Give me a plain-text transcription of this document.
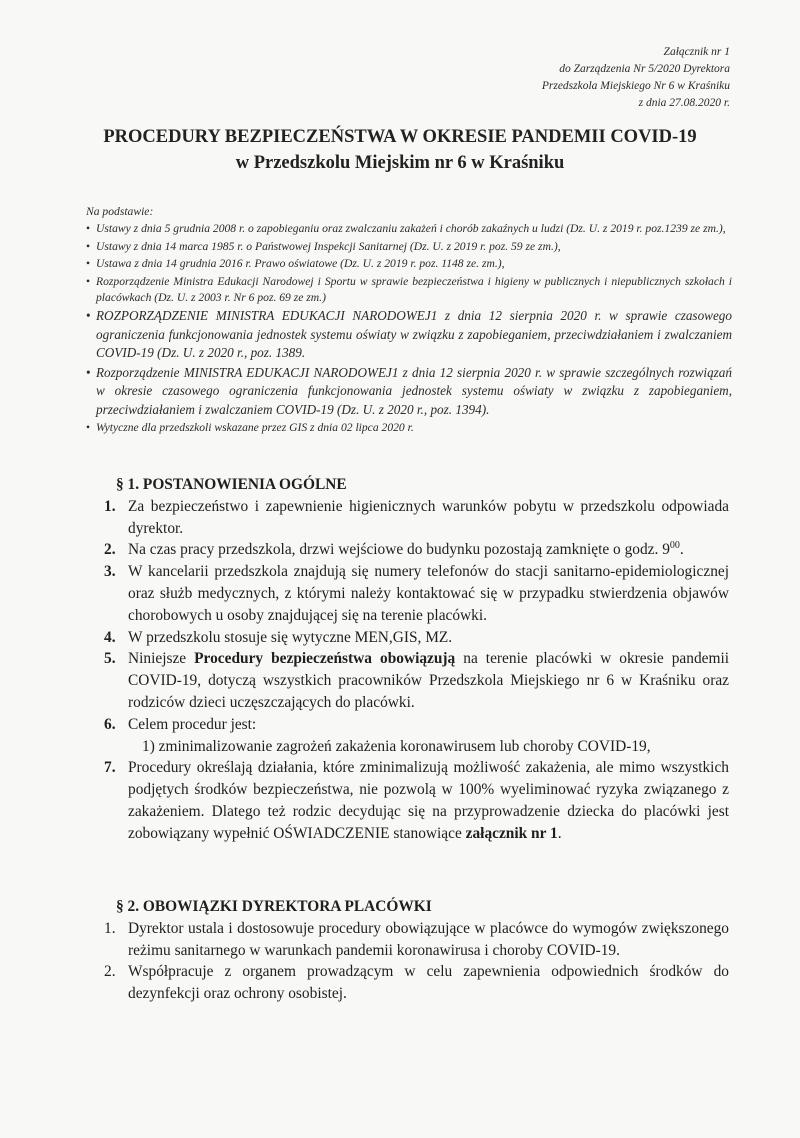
Załącznik nr 1
do Zarządzenia Nr 5/2020 Dyrektora
Przedszkola Miejskiego Nr 6 w Kraśniku
z dnia 27.08.2020 r.
PROCEDURY BEZPIECZEŃSTWA W OKRESIE PANDEMII COVID-19
w Przedszkolu Miejskim nr 6 w Kraśniku
Na podstawie:
• Ustawy z dnia 5 grudnia 2008 r. o zapobieganiu oraz zwalczaniu zakażeń i chorób zakaźnych u ludzi (Dz. U. z 2019 r. poz.1239 ze zm.),
• Ustawy z dnia 14 marca 1985 r. o Państwowej Inspekcji Sanitarnej (Dz. U. z 2019 r. poz. 59 ze zm.),
• Ustawa z dnia 14 grudnia 2016 r. Prawo oświatowe (Dz. U. z 2019 r. poz. 1148 ze. zm.),
• Rozporządzenie Ministra Edukacji Narodowej i Sportu w sprawie bezpieczeństwa i higieny w publicznych i niepublicznych szkołach i placówkach (Dz. U. z 2003 r. Nr 6 poz. 69 ze zm.)
• ROZPORZĄDZENIE MINISTRA EDUKACJI NARODOWEJ1 z dnia 12 sierpnia 2020 r. w sprawie czasowego ograniczenia funkcjonowania jednostek systemu oświaty w związku z zapobieganiem, przeciwdziałaniem i zwalczaniem COVID-19 (Dz. U. z 2020 r., poz. 1389.
• Rozporządzenie MINISTRA EDUKACJI NARODOWEJ1 z dnia 12 sierpnia 2020 r. w sprawie szczególnych rozwiązań w okresie czasowego ograniczenia funkcjonowania jednostek systemu oświaty w związku z zapobieganiem, przeciwdziałaniem i zwalczaniem COVID-19 (Dz. U. z 2020 r., poz. 1394).
• Wytyczne dla przedszkoli wskazane przez GIS z dnia 02 lipca 2020 r.
§ 1. POSTANOWIENIA OGÓLNE
1. Za bezpieczeństwo i zapewnienie higienicznych warunków pobytu w przedszkolu odpowiada dyrektor.
2. Na czas pracy przedszkola, drzwi wejściowe do budynku pozostają zamknięte o godz. $9^{00}$.
3. W kancelarii przedszkola znajdują się numery telefonów do stacji sanitarno-epidemiologicznej oraz służb medycznych, z którymi należy kontaktować się w przypadku stwierdzenia objawów chorobowych u osoby znajdującej się na terenie placówki.
4. W przedszkolu stosuje się wytyczne MEN,GIS, MZ.
5. Niniejsze Procedury bezpieczeństwa obowiązują na terenie placówki w okresie pandemii COVID-19, dotyczą wszystkich pracowników Przedszkola Miejskiego nr 6 w Kraśniku oraz rodziców dzieci uczęszczających do placówki.
6. Celem procedur jest:
1) zminimalizowanie zagrożeń zakażenia koronawirusem lub choroby COVID-19,
7. Procedury określają działania, które zminimalizują możliwość zakażenia, ale mimo wszystkich podjętych środków bezpieczeństwa, nie pozwolą w 100% wyeliminować ryzyka związanego z zakażeniem. Dlatego też rodzic decydując się na przyprowadzenie dziecka do placówki jest zobowiązany wypełnić OŚWIADCZENIE stanowiące załącznik nr 1.
§ 2. OBOWIĄZKI DYREKTORA PLACÓWKI
1. Dyrektor ustala i dostosowuje procedury obowiązujące w placówce do wymogów zwiększonego reżimu sanitarnego w warunkach pandemii koronawirusa i choroby COVID-19.
2. Współpracuje z organem prowadzącym w celu zapewnienia odpowiednich środków do dezynfekcji oraz ochrony osobistej.
